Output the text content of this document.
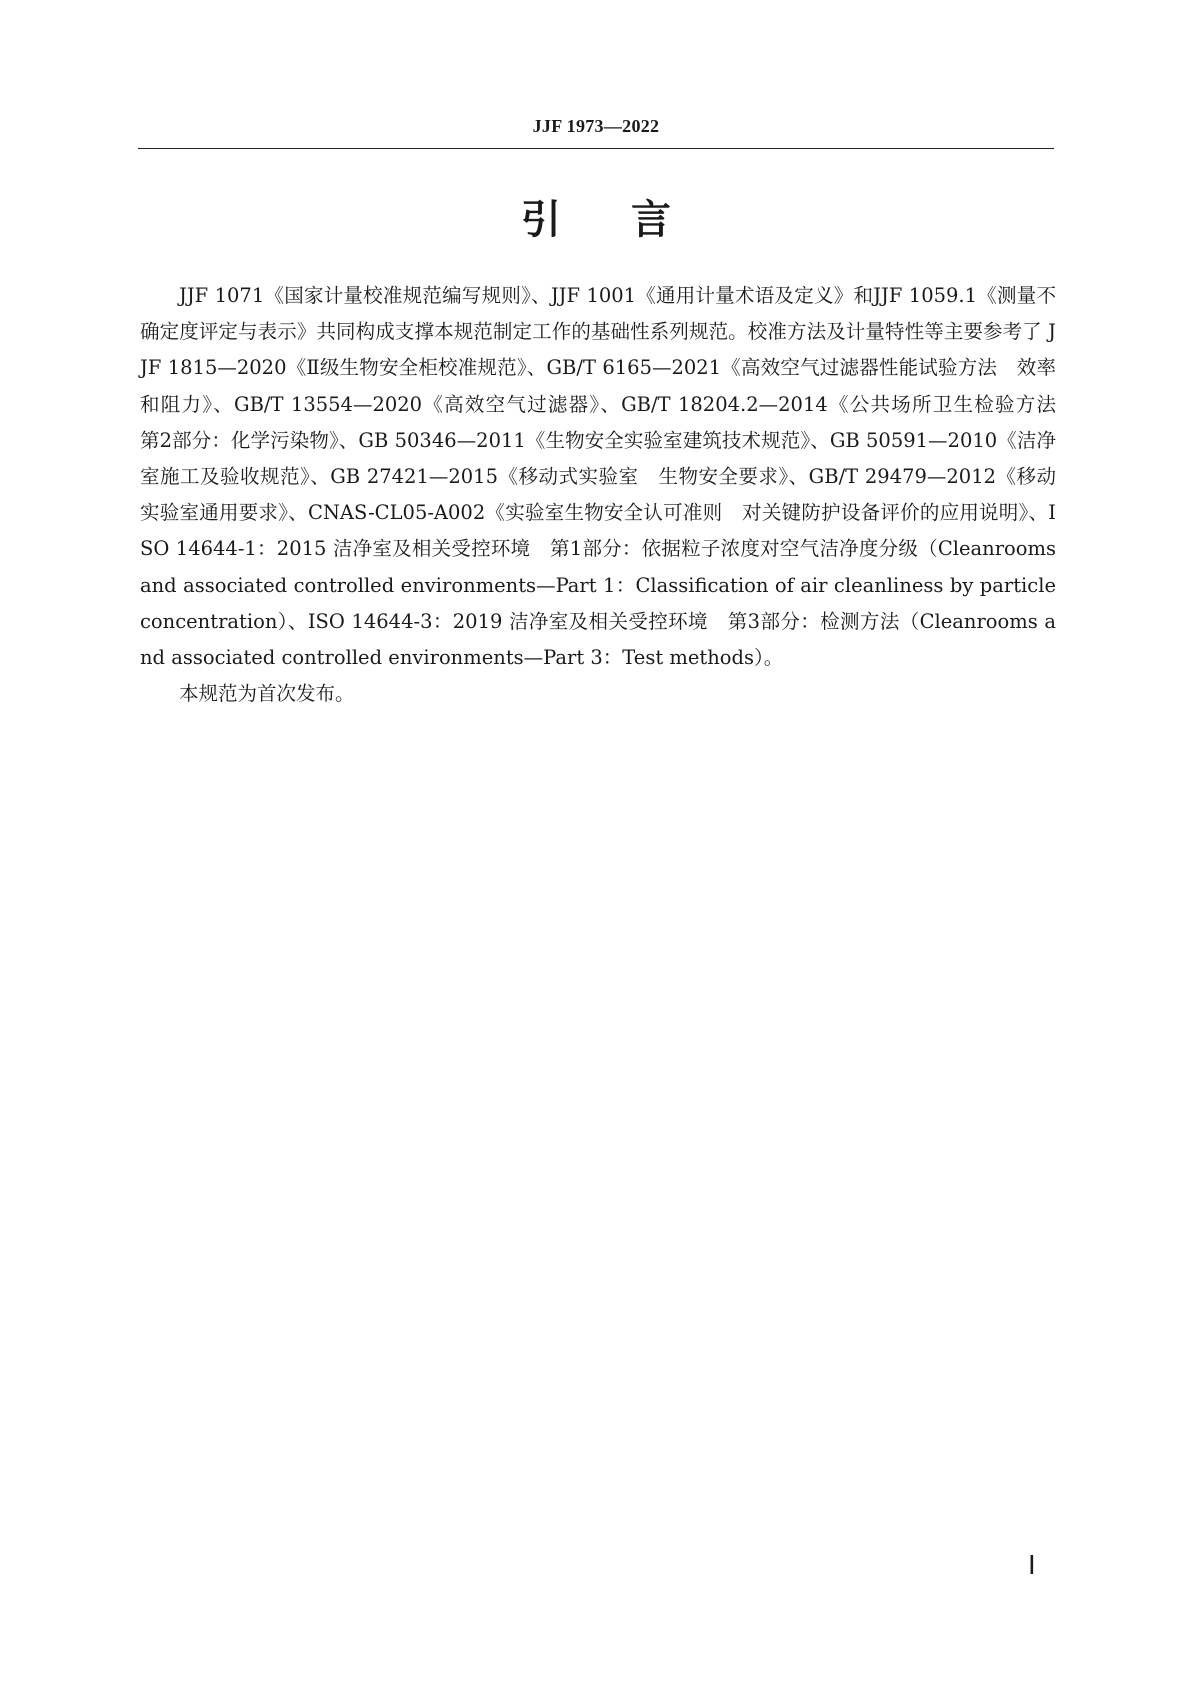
JJF 1973—2022
引 言

JJF 1071《国家计量校准规范编写规则》、JJF 1001《通用计量术语及定义》和JJF 1059.1《测量不确定度评定与表示》共同构成支撑本规范制定工作的基础性系列规范。校准方法及计量特性等主要参考了 JJF 1815—2020《Ⅱ级生物安全柜校准规范》、GB/T 6165—2021《高效空气过滤器性能试验方法　效率和阻力》、GB/T 13554—2020《高效空气过滤器》、GB/T 18204.2—2014《公共场所卫生检验方法　第2部分：化学污染物》、GB 50346—2011《生物安全实验室建筑技术规范》、GB 50591—2010《洁净室施工及验收规范》、GB 27421—2015《移动式实验室　生物安全要求》、GB/T 29479—2012《移动实验室通用要求》、CNAS-CL05-A002《实验室生物安全认可准则　对关键防护设备评价的应用说明》、ISO 14644-1：2015 洁净室及相关受控环境　第1部分：依据粒子浓度对空气洁净度分级（Cleanrooms and associated controlled environments—Part 1：Classification of air cleanliness by particle concentration）、ISO 14644-3：2019 洁净室及相关受控环境　第3部分：检测方法（Cleanrooms and associated controlled environments—Part 3：Test methods）。

本规范为首次发布。

Ⅰ
